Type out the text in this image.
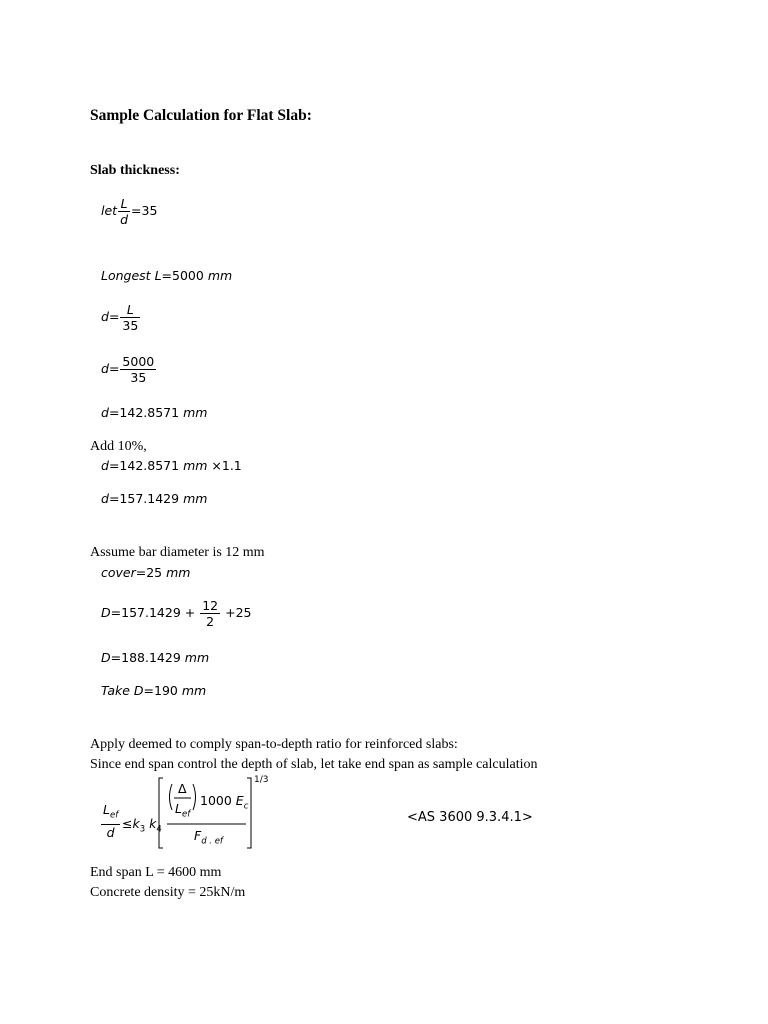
Sample Calculation for Flat Slab:
Slab thickness:
let $\frac{L}{d} =35$
Longest L=5000 mm
$d= \frac{L}{35}$
$d= \frac{5000}{35}$
d=142.8571 mm
Add 10%,
d=142.8571 mm ×1.1
d=157.1429 mm
Assume bar diameter is 12 mm
cover=25 mm
$D=157.1429 + \frac{12}{2} +25$
D=188.1429 mm
Take D=190 mm
Apply deemed to comply span-to-depth ratio for reinforced slabs:
Since end span control the depth of slab, let take end span as sample calculation
$\frac{L_{ef}}{d} \le k_3$ $k_4$
Δ
$L_{ef}$
1000 $E_c$
$F_{d . ef}$
1/3
<AS 3600 9.3.4.1>
End span L = 4600 mm
Concrete density = 25kN/m
